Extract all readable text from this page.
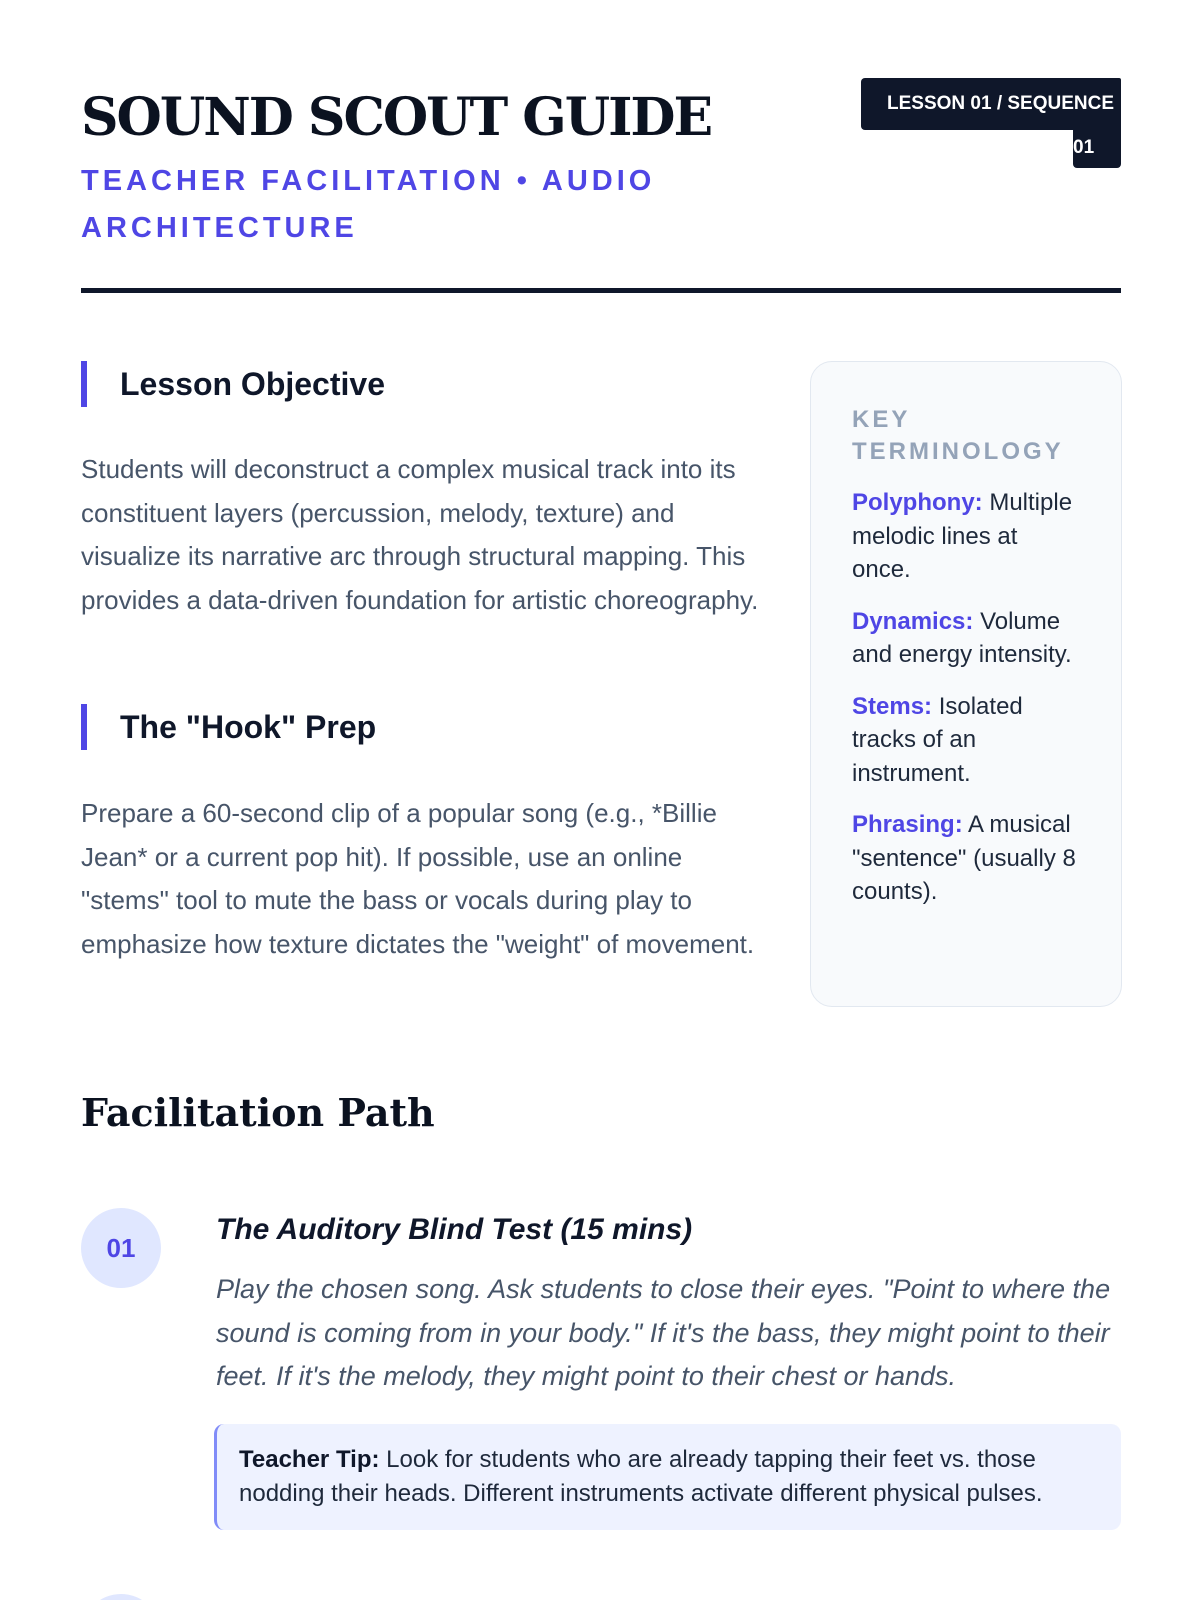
SOUND SCOUT GUIDE

TEACHER FACILITATION • AUDIO ARCHITECTURE

LESSON 01 / SEQUENCE
01
Lesson Objective

Students will deconstruct a complex musical track into its constituent layers (percussion, melody, texture) and visualize its narrative arc through structural mapping. This provides a data-driven foundation for artistic choreography.

The "Hook" Prep

Prepare a 60-second clip of a popular song (e.g., *Billie Jean* or a current pop hit). If possible, use an online "stems" tool to mute the bass or vocals during play to emphasize how texture dictates the "weight" of movement.

KEY TERMINOLOGY

Polyphony: Multiple melodic lines at once.

Dynamics: Volume and energy intensity.

Stems: Isolated tracks of an instrument.

Phrasing: A musical "sentence" (usually 8 counts).

Facilitation Path
01
The Auditory Blind Test (15 mins)

Play the chosen song. Ask students to close their eyes. "Point to where the sound is coming from in your body." If it's the bass, they might point to their feet. If it's the melody, they might point to their chest or hands.

Teacher Tip: Look for students who are already tapping their feet vs. those nodding their heads. Different instruments activate different physical pulses.
